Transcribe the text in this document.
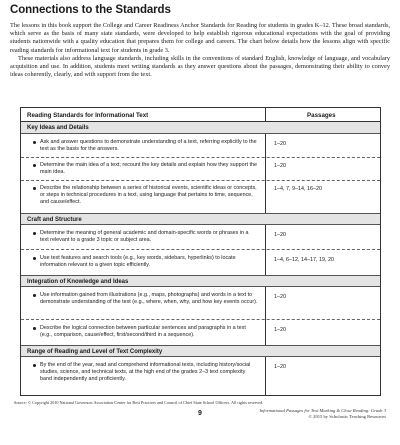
Connections to the Standards

The lessons in this book support the College and Career Readiness Anchor Standards for Reading for students in grades K–12. These broad standards, which serve as the basis of many state standards, were developed to help establish rigorous educational expectations with the goal of providing students nationwide with a quality education that prepares them for college and careers. The chart below details how the lessons align with specific reading standards for informational text for students in grade 3.

These materials also address language standards, including skills in the conventions of standard English, knowledge of language, and vocabulary acquisition and use. In addition, students meet writing standards as they answer questions about the passages, demonstrating their ability to convey ideas coherently, clearly, and with support from the text.

Reading Standards for Informational Text	Passages
Key Ideas and Details
Ask and answer questions to demonstrate understanding of a text, referring explicitly to the text as the basis for the answers.
1–20
Determine the main idea of a text; recount the key details and explain how they support the main idea.
1–20
Describe the relationship between a series of historical events, scientific ideas or concepts, or steps in technical procedures in a text, using language that pertains to time, sequence, and cause/effect.
1–4, 7, 9–14, 16–20
Craft and Structure
Determine the meaning of general academic and domain-specific words or phrases in a text relevant to a grade 3 topic or subject area.
1–20
Use text features and search tools (e.g., key words, sidebars, hyperlinks) to locate information relevant to a given topic efficiently.
1–4, 6–12, 14–17, 19, 20
Integration of Knowledge and Ideas
Use information gained from illustrations (e.g., maps, photographs) and words in a text to demonstrate understanding of the text (e.g., where, when, why, and how key events occur).
1–20
Describe the logical connection between particular sentences and paragraphs in a text (e.g., comparison, cause/effect, first/second/third in a sequence).
1–20
Range of Reading and Level of Text Complexity
By the end of the year, read and comprehend informational texts, including history/social studies, science, and technical texts, at the high end of the grades 2–3 text complexity band independently and proficiently.
1–20
Source: © Copyright 2010 National Governors Association Center for Best Practices and Council of Chief State School Officers. All rights reserved.
9	Informational Passages for Text Marking & Close Reading: Grade 3
© 2015 by Scholastic Teaching Resources
